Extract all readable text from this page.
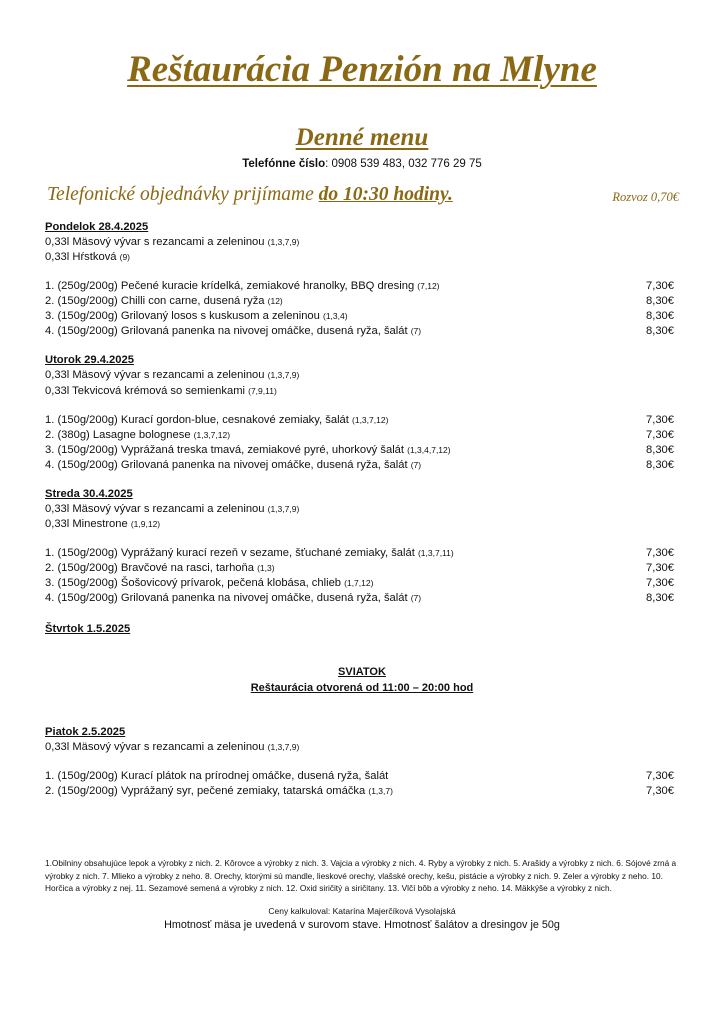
Reštaurácia Penzión na Mlyne
Denné menu
Telefónne číslo: 0908 539 483, 032 776 29 75
Telefonické objednávky prijímame do 10:30 hodiny.	Rozvoz 0,70€
Pondelok 28.4.2025
0,33l Mäsový vývar s rezancami a zeleninou (1,3,7,9)
0,33l Hŕstková (9)
1. (250g/200g) Pečené kuracie krídelká, zemiakové hranolky, BBQ dresing (7,12)	7,30€
2. (150g/200g) Chilli con carne, dusená ryža (12)	8,30€
3. (150g/200g) Grilovaný losos s kuskusom a zeleninou (1,3,4)	8,30€
4. (150g/200g) Grilovaná panenka na nivovej omáčke, dusená ryža, šalát (7)	8,30€
Utorok 29.4.2025
0,33l Mäsový vývar s rezancami a zeleninou (1,3,7,9)
0,33l Tekvicová krémová so semienkami (7,9,11)
1. (150g/200g) Kurací gordon-blue, cesnakové zemiaky, šalát (1,3,7,12)	7,30€
2. (380g) Lasagne bolognese (1,3,7,12)	7,30€
3. (150g/200g) Vyprážaná treska tmavá, zemiakové pyré, uhorkový šalát (1,3,4,7,12)	8,30€
4. (150g/200g) Grilovaná panenka na nivovej omáčke, dusená ryža, šalát (7)	8,30€
Streda 30.4.2025
0,33l Mäsový vývar s rezancami a zeleninou (1,3,7,9)
0,33l Minestrone (1,9,12)
1. (150g/200g) Vyprážaný kurací rezeň v sezame, šťuchané zemiaky, šalát (1,3,7,11)	7,30€
2. (150g/200g) Bravčové na rasci, tarhoňa (1,3)	7,30€
3. (150g/200g) Šošovicový prívarok, pečená klobása, chlieb (1,7,12)	7,30€
4. (150g/200g) Grilovaná panenka na nivovej omáčke, dusená ryža, šalát (7)	8,30€
Štvrtok 1.5.2025
SVIATOK
Reštaurácia otvorená od 11:00 – 20:00 hod
Piatok 2.5.2025
0,33l Mäsový vývar s rezancami a zeleninou (1,3,7,9)
1. (150g/200g) Kurací plátok na prírodnej omáčke, dusená ryža, šalát	7,30€
2. (150g/200g) Vyprážaný syr, pečené zemiaky, tatarská omáčka (1,3,7)	7,30€
1.Obilniny obsahujúce lepok a výrobky z nich. 2. Kôrovce a výrobky z nich. 3. Vajcia a výrobky z nich. 4. Ryby a výrobky z nich. 5. Arašidy a výrobky z nich. 6. Sójové zrná a výrobky z nich. 7. Mlieko a výrobky z neho. 8. Orechy, ktorými sú mandle, lieskové orechy, vlašské orechy, kešu, pistácie a výrobky z nich. 9. Zeler a výrobky z neho. 10. Horčica a výrobky z nej. 11. Sezamové semená a výrobky z nich. 12. Oxid siričitý a siričitany. 13. Vlčí bôb a výrobky z neho. 14. Mäkkýše a výrobky z nich.
Ceny kalkuloval: Katarína Majerčíková Vysolajská
Hmotnosť mäsa je uvedená v surovom stave. Hmotnosť šalátov a dresingov je 50g
